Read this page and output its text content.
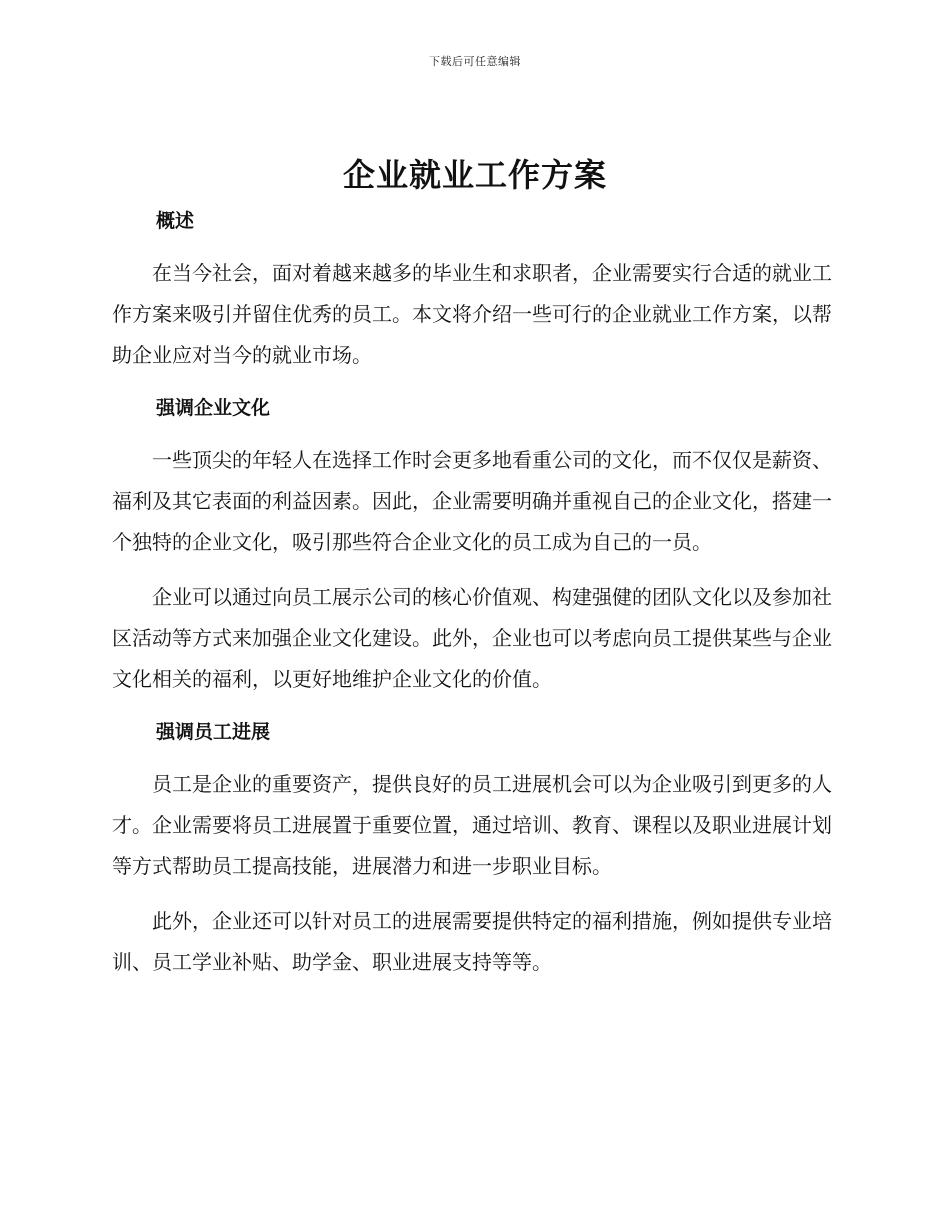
下载后可任意编辑
企业就业工作方案
概述

在当今社会，面对着越来越多的毕业生和求职者，企业需要实行合适的就业工作方案来吸引并留住优秀的员工。本文将介绍一些可行的企业就业工作方案，以帮助企业应对当今的就业市场。

强调企业文化

一些顶尖的年轻人在选择工作时会更多地看重公司的文化，而不仅仅是薪资、福利及其它表面的利益因素。因此，企业需要明确并重视自己的企业文化，搭建一个独特的企业文化，吸引那些符合企业文化的员工成为自己的一员。

企业可以通过向员工展示公司的核心价值观、构建强健的团队文化以及参加社区活动等方式来加强企业文化建设。此外，企业也可以考虑向员工提供某些与企业文化相关的福利，以更好地维护企业文化的价值。

强调员工进展

员工是企业的重要资产，提供良好的员工进展机会可以为企业吸引到更多的人才。企业需要将员工进展置于重要位置，通过培训、教育、课程以及职业进展计划等方式帮助员工提高技能，进展潜力和进一步职业目标。

此外，企业还可以针对员工的进展需要提供特定的福利措施，例如提供专业培训、员工学业补贴、助学金、职业进展支持等等。
